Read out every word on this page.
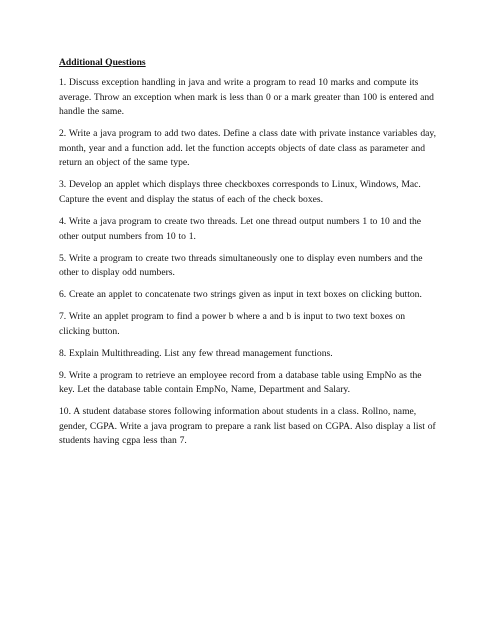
Additional Questions

1. Discuss exception handling in java and write a program to read 10 marks and compute its average. Throw an exception when mark is less than 0 or a mark greater than 100 is entered and handle the same.

2. Write a java program to add two dates. Define a class date with private instance variables day, month, year and a function add. let the function accepts objects of date class as parameter and return an object of the same type.

3. Develop an applet which displays three checkboxes corresponds to Linux, Windows, Mac. Capture the event and display the status of each of the check boxes.

4. Write a java program to create two threads. Let one thread output numbers 1 to 10 and the other output numbers from 10 to 1.

5. Write a program to create two threads simultaneously one to display even numbers and the other to display odd numbers.

6. Create an applet to concatenate two strings given as input in text boxes on clicking button.

7. Write an applet program to find a power b where a and b is input to two text boxes on clicking button.

8. Explain Multithreading. List any few thread management functions.

9. Write a program to retrieve an employee record from a database table using EmpNo as the key. Let the database table contain EmpNo, Name, Department and Salary.

10. A student database stores following information about students in a class. Rollno, name, gender, CGPA. Write a java program to prepare a rank list based on CGPA. Also display a list of students having cgpa less than 7.
